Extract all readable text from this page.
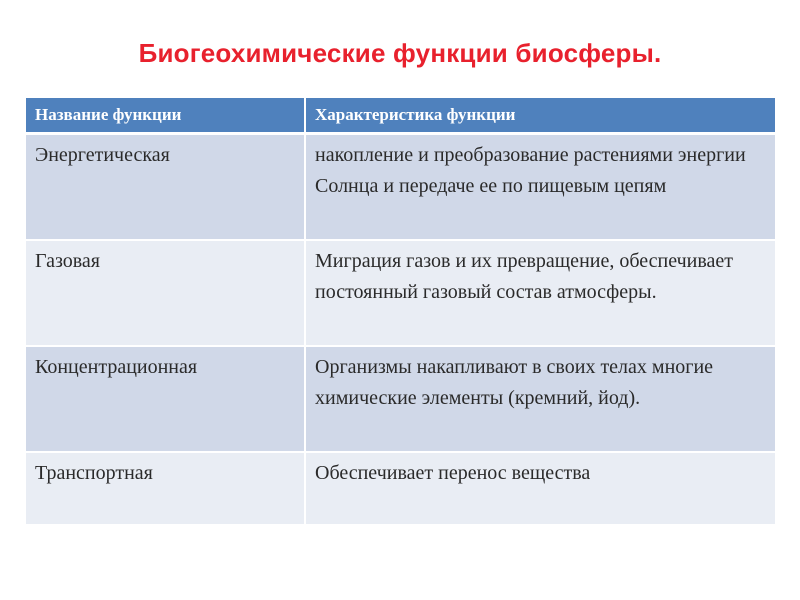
Биогеохимические функции биосферы.
Название функции	Характеристика функции
Энергетическая	накопление и преобразование растениями энергии Солнца и передаче ее по пищевым цепям
Газовая	Миграция газов и их превращение, обеспечивает постоянный газовый состав атмосферы.
Концентрационная	Организмы накапливают в своих телах многие химические элементы (кремний, йод).
Транспортная	Обеспечивает перенос вещества
